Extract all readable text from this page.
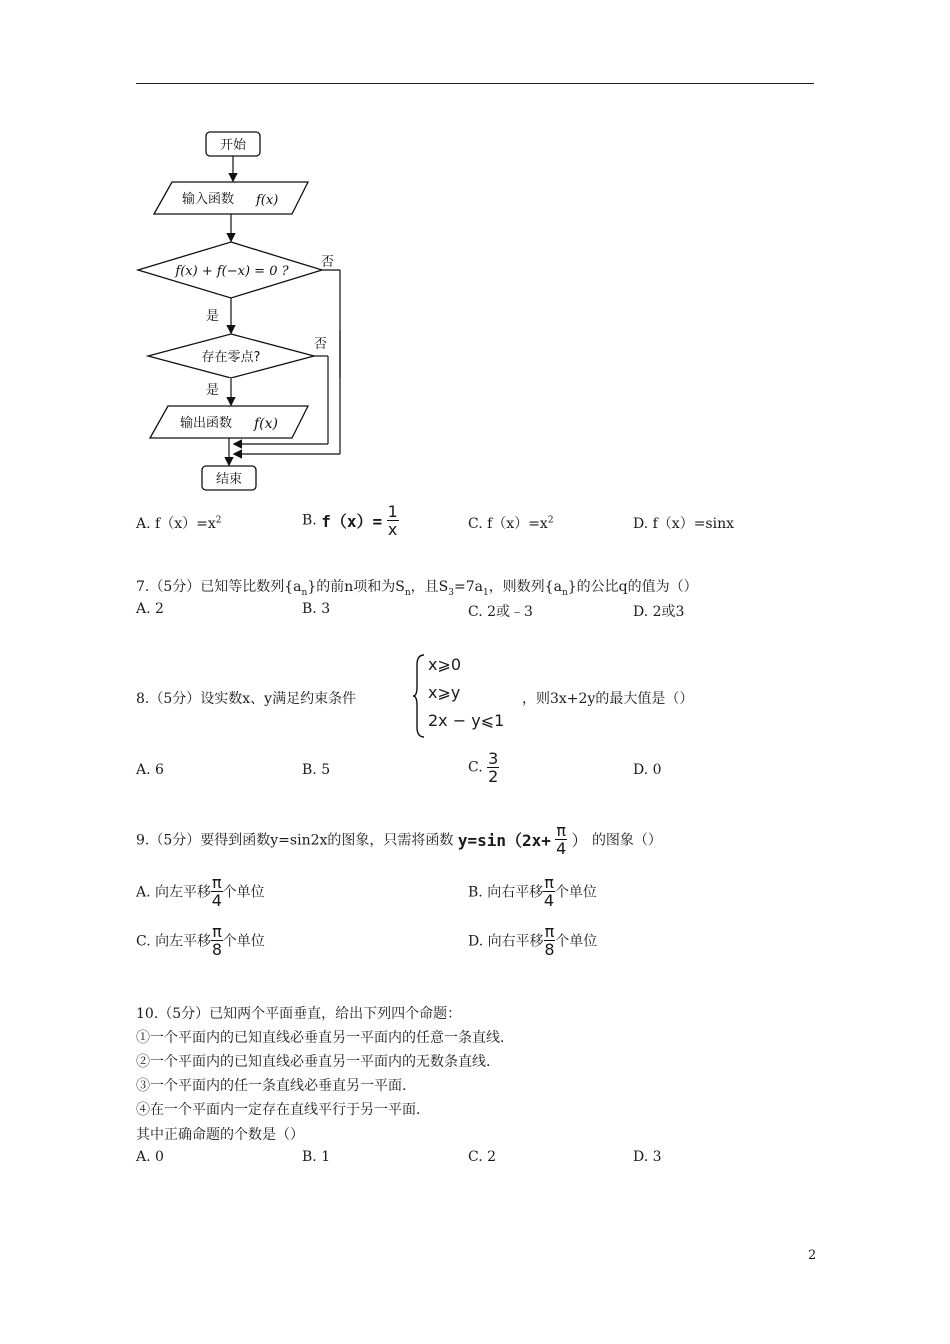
开始
输入函数 f(x)
f(x) + f(−x) = 0 ?
否
是
存在零点?
否
是
输出函数 f(x)
结束
A. $f(x)=x^2$	B. $f(x)= \frac{1}{x}$	C. $f(x)=x^2$	D. f（x）=sinx
7.（5分）已知等比数列$\{a_n\}$的前n项和为$S_n$，且$S_3=7a_1$，则数列$\{a_n\}$的公比q的值为（）
A. 2	B. 3	C. 2或﹣3	D. 2或3
8.（5分）设实数x、y满足约束条件
x⩾0
x⩾y
2x − y⩽1
，则3x+2y的最大值是（）
A. 6	B. 5	C. $\frac{3}{2}$	D. 0
9.（5分）要得到函数y=sin2x的图象，只需将函数 $y=\sin(2x+ \frac{\pi}{4}$ ） 的图象（）
A. 向左平移 $\frac{\pi}{4}$ 个单位	B. 向右平移 $\frac{\pi}{4}$ 个单位
C. 向左平移 $\frac{\pi}{8}$ 个单位	D. 向右平移 $\frac{\pi}{8}$ 个单位
10.（5分）已知两个平面垂直，给出下列四个命题：
①一个平面内的已知直线必垂直另一平面内的任意一条直线.
②一个平面内的已知直线必垂直另一平面内的无数条直线.
③一个平面内的任一条直线必垂直另一平面.
④在一个平面内一定存在直线平行于另一平面.
其中正确命题的个数是（）
A. 0	B. 1	C. 2	D. 3
2
